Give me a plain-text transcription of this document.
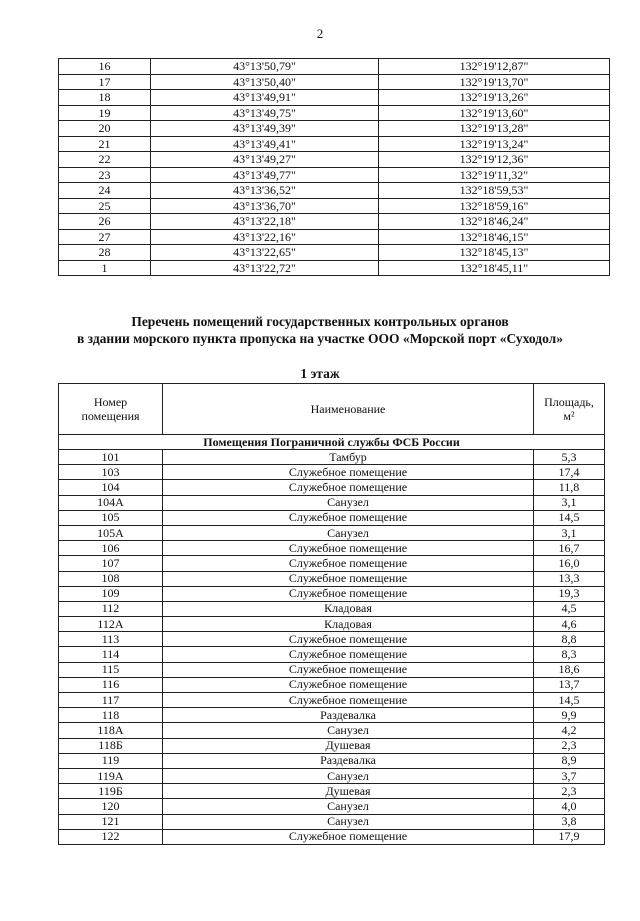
2
16	43°13'50,79"	132°19'12,87"
17	43°13'50,40"	132°19'13,70"
18	43°13'49,91"	132°19'13,26"
19	43°13'49,75"	132°19'13,60"
20	43°13'49,39"	132°19'13,28"
21	43°13'49,41"	132°19'13,24"
22	43°13'49,27"	132°19'12,36"
23	43°13'49,77"	132°19'11,32"
24	43°13'36,52"	132°18'59,53"
25	43°13'36,70"	132°18'59,16"
26	43°13'22,18"	132°18'46,24"
27	43°13'22,16"	132°18'46,15"
28	43°13'22,65"	132°18'45,13"
1	43°13'22,72"	132°18'45,11"
Перечень помещений государственных контрольных органов
в здании морского пункта пропуска на участке ООО «Морской порт «Суходол»
1 этаж
Номер помещения	Наименование	Площадь, м²
Помещения Пограничной службы ФСБ России		
101	Тамбур	5,3
103	Служебное помещение	17,4
104	Служебное помещение	11,8
104А	Санузел	3,1
105	Служебное помещение	14,5
105А	Санузел	3,1
106	Служебное помещение	16,7
107	Служебное помещение	16,0
108	Служебное помещение	13,3
109	Служебное помещение	19,3
112	Кладовая	4,5
112А	Кладовая	4,6
113	Служебное помещение	8,8
114	Служебное помещение	8,3
115	Служебное помещение	18,6
116	Служебное помещение	13,7
117	Служебное помещение	14,5
118	Раздевалка	9,9
118А	Санузел	4,2
118Б	Душевая	2,3
119	Раздевалка	8,9
119А	Санузел	3,7
119Б	Душевая	2,3
120	Санузел	4,0
121	Санузел	3,8
122	Служебное помещение	17,9
